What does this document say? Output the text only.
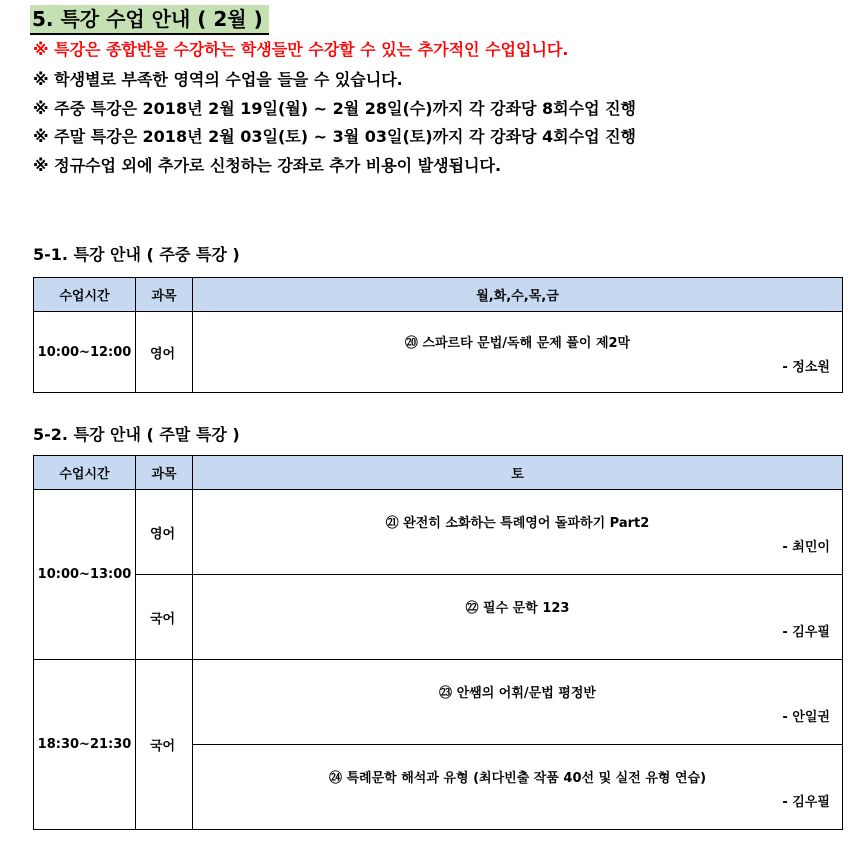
5. 특강 수업 안내 ( 2월 )
※ 특강은 종합반을 수강하는 학생들만 수강할 수 있는 추가적인 수업입니다.
※ 학생별로 부족한 영역의 수업을 들을 수 있습니다.
※ 주중 특강은 2018년 2월 19일(월) ~ 2월 28일(수)까지 각 강좌당 8회수업 진행
※ 주말 특강은 2018년 2월 03일(토) ~ 3월 03일(토)까지 각 강좌당 4회수업 진행
※ 정규수업 외에 추가로 신청하는 강좌로 추가 비용이 발생됩니다.
5-1. 특강 안내 ( 주중 특강 )
수업시간	과목	월,화,수,목,금
10:00~12:00	영어	⑳ 스파르타 문법/독해 문제 풀이 제2막
- 정소원
5-2. 특강 안내 ( 주말 특강 )
수업시간	과목	토
10:00~13:00	영어	㉑ 완전히 소화하는 특례영어 돌파하기 Part2
- 최민이

	국어	㉒ 필수 문학 123
- 김우필

18:30~21:30	국어	㉓ 안쌤의 어휘/문법 평정반
- 안일권

		㉔ 특례문학 해석과 유형 (최다빈출 작품 40선 및 실전 유형 연습)
- 김우필
